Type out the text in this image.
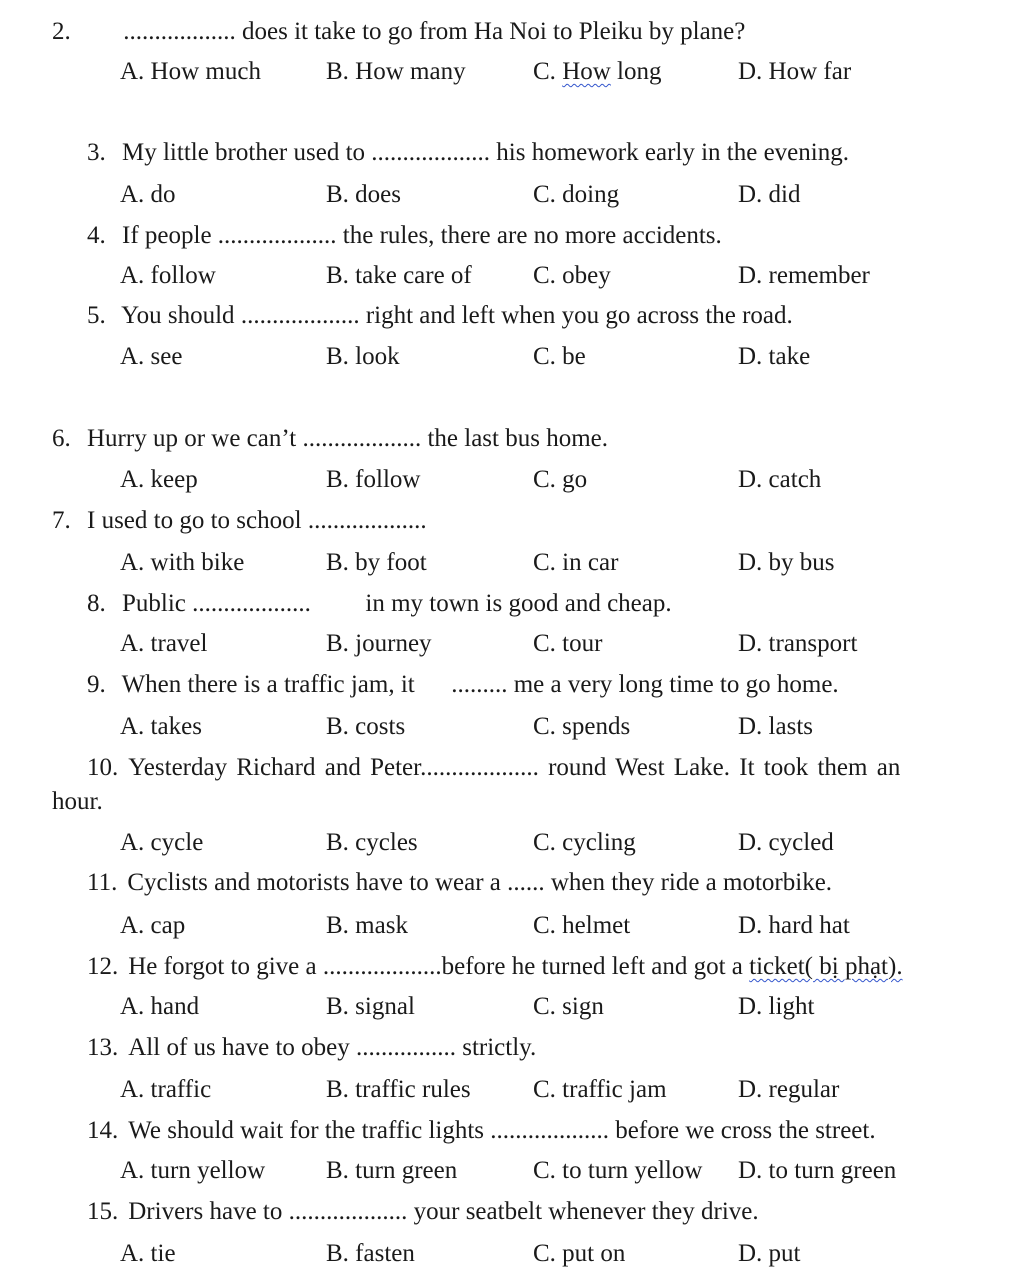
2. .................. does it take to go from Ha Noi to Pleiku by plane?
A. How much	B. How many	C. How long	D. How far
3. My little brother used to ................... his homework early in the evening.
A. do	B. does	C. doing	D. did
4. If people ................... the rules, there are no more accidents.
A. follow	B. take care of C. obey	D. remember
5. You should ................... right and left when you go across the road.
A. see	B. look	C. be	D. take
6. Hurry up or we can’t ................... the last bus home.
A. keep	B. follow	C. go	D. catch
7. I used to go to school ...................
A. with bike	B. by foot	C. in car	D. by bus
8. Public ................... in my town is good and cheap.
A. travel	B. journey	C. tour	D. transport
9. When there is a traffic jam, it  ......... me a very long time to go home.
A. takes	B. costs	C. spends	D. lasts
10. Yesterday Richard and Peter................... round West Lake. It took them an
hour.
A. cycle	B. cycles	C. cycling	D. cycled
11. Cyclists and motorists have to wear a ...... when they ride a motorbike.
A. cap	B. mask	C. helmet	D. hard hat
12. He forgot to give a ...................before he turned left and got a ticket( bị phạt).
A. hand	B. signal	C. sign	D. light
13. All of us have to obey ................ strictly.
A. traffic	B. traffic rules C. traffic jam	D. regular
14. We should wait for the traffic lights ................... before we cross the street.
A. turn yellow B. turn green	C. to turn yellow D. to turn green
15. Drivers have to ................... your seatbelt whenever they drive.
A. tie	B. fasten	C. put on	D. put
